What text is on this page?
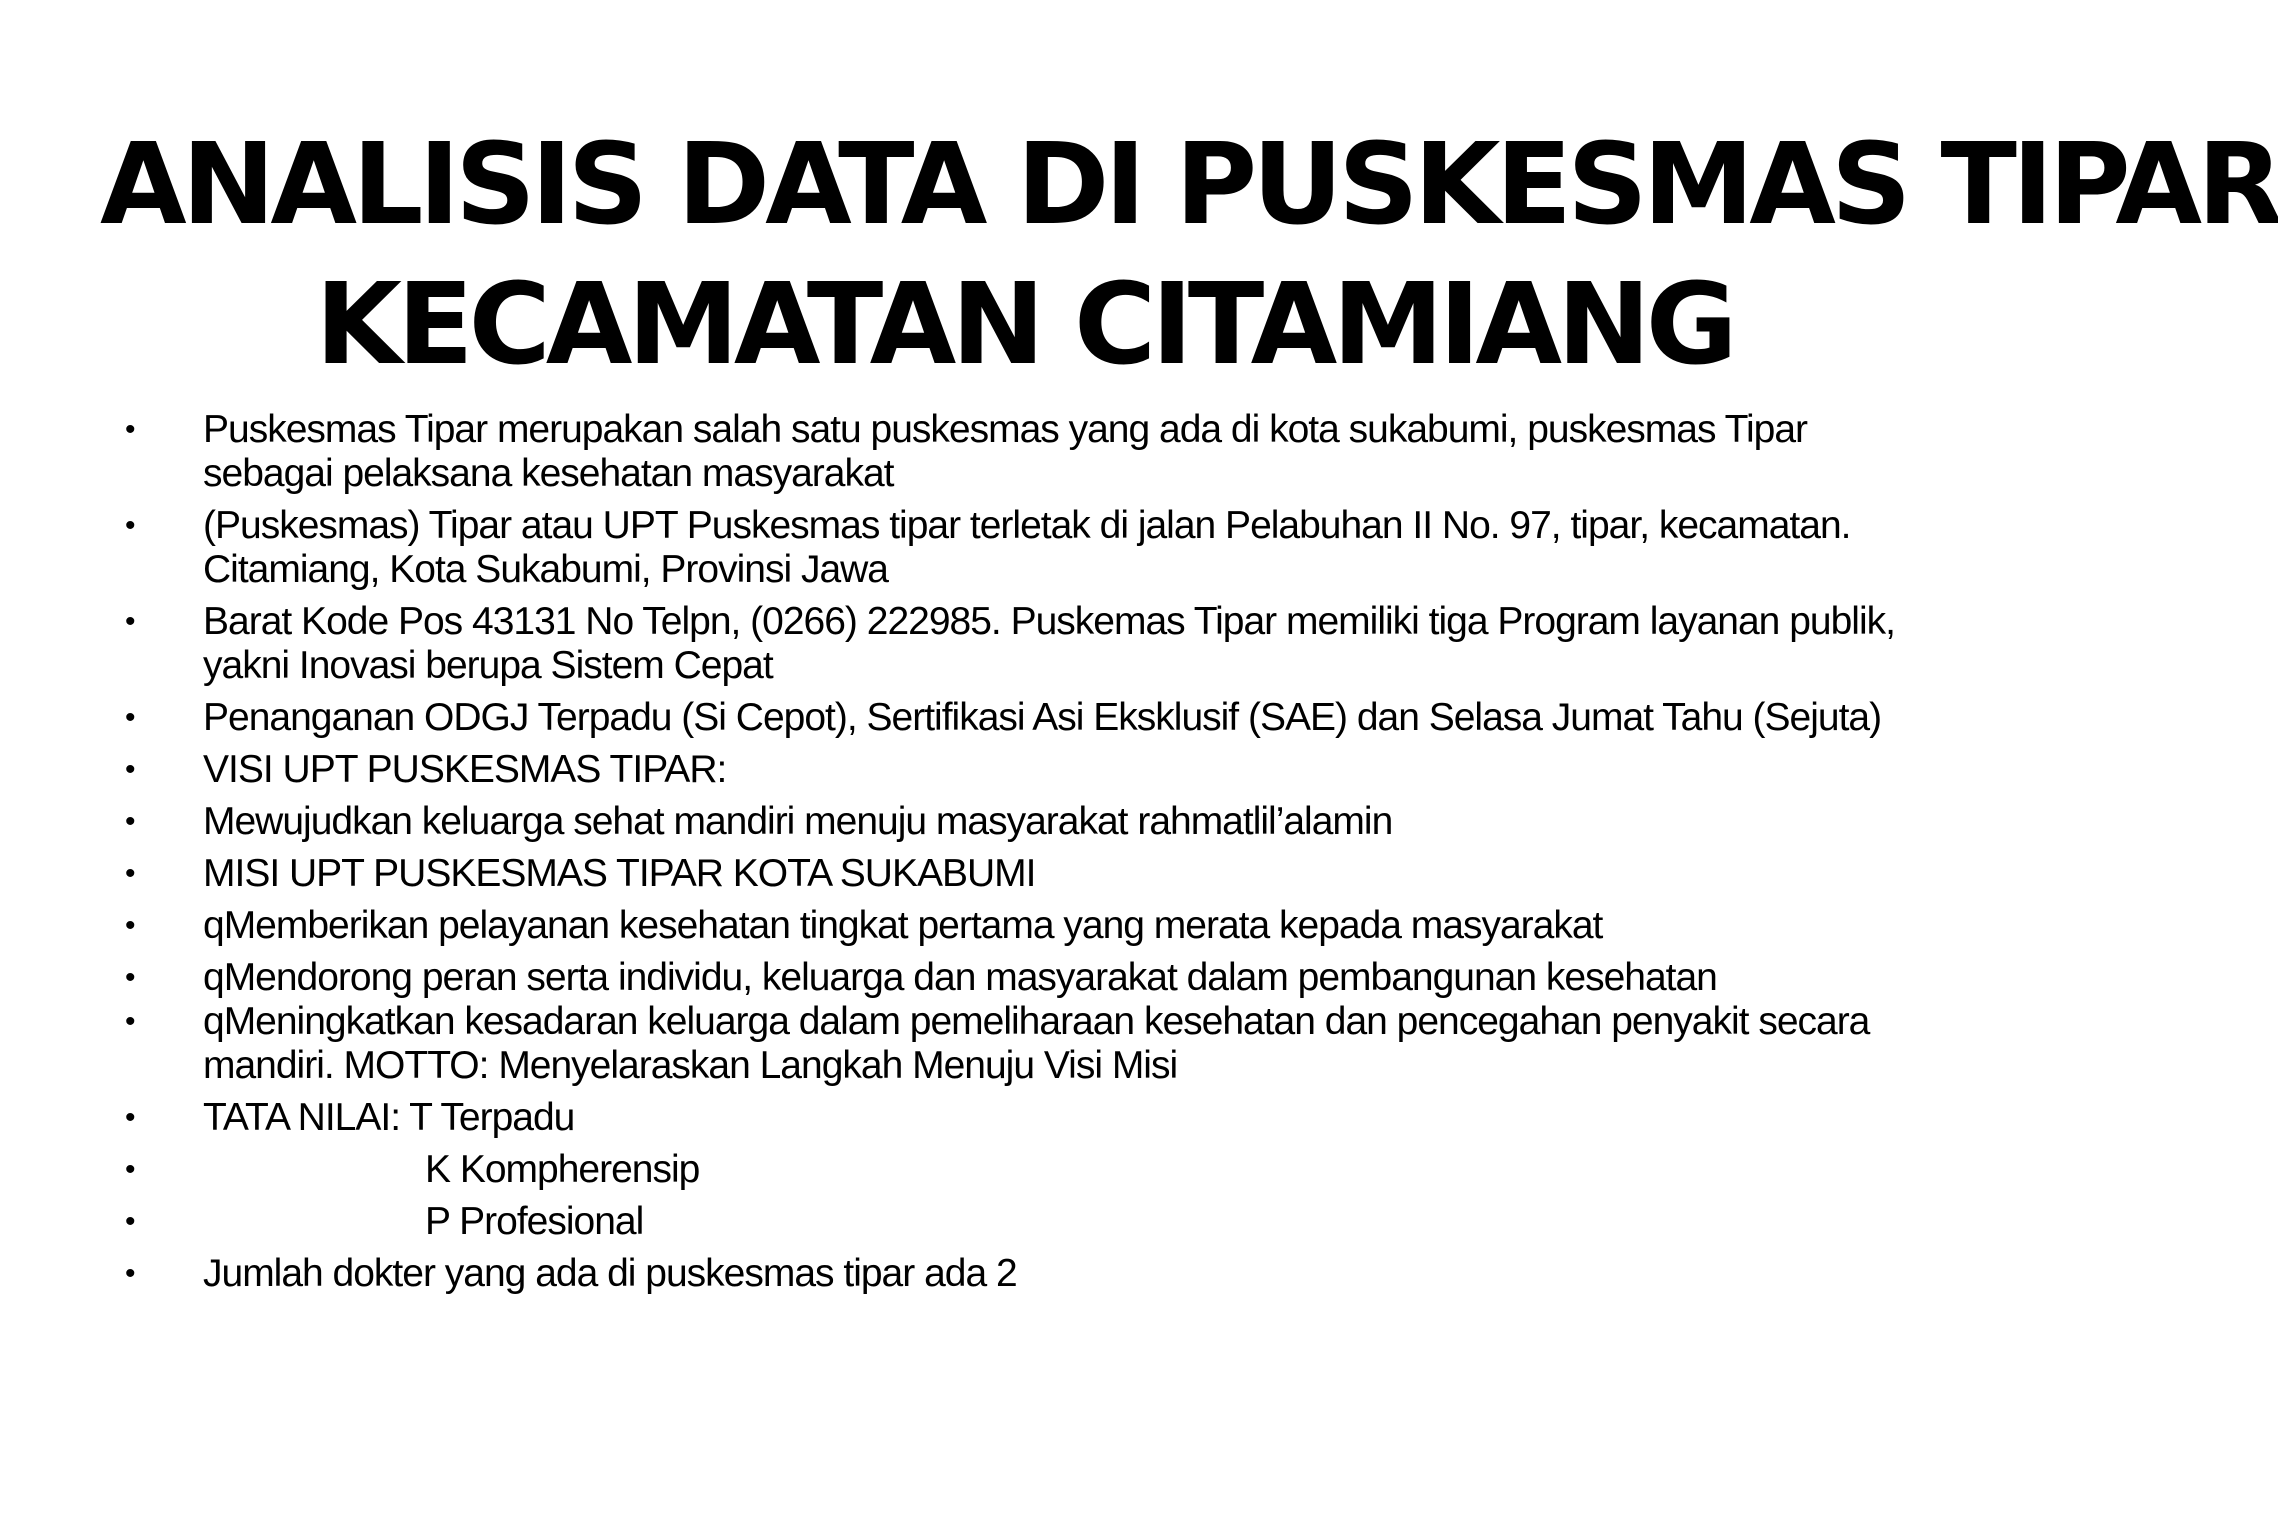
ANALISIS DATA DI PUSKESMAS TIPAR
KECAMATAN CITAMIANG
• Puskesmas Tipar merupakan salah satu puskesmas yang ada di kota sukabumi, puskesmas Tipar sebagai pelaksana kesehatan masyarakat
• (Puskesmas) Tipar atau UPT Puskesmas tipar terletak di jalan Pelabuhan II No. 97, tipar, kecamatan. Citamiang, Kota Sukabumi, Provinsi Jawa
• Barat Kode Pos 43131 No Telpn, (0266) 222985. Puskemas Tipar memiliki tiga Program layanan publik, yakni Inovasi berupa Sistem Cepat
• Penanganan ODGJ Terpadu (Si Cepot), Sertifikasi Asi Eksklusif (SAE) dan Selasa Jumat Tahu (Sejuta)
• VISI UPT PUSKESMAS TIPAR:
• Mewujudkan keluarga sehat mandiri menuju masyarakat rahmatlil’alamin
• MISI UPT PUSKESMAS TIPAR KOTA SUKABUMI
• qMemberikan pelayanan kesehatan tingkat pertama yang merata kepada masyarakat
• qMendorong peran serta individu, keluarga dan masyarakat dalam pembangunan kesehatan
• qMeningkatkan kesadaran keluarga dalam pemeliharaan kesehatan dan pencegahan penyakit secara mandiri. MOTTO: Menyelaraskan Langkah Menuju Visi Misi
• TATA NILAI: T Terpadu
•	K Kompherensip
•	P Profesional
• Jumlah dokter yang ada di puskesmas tipar ada 2
